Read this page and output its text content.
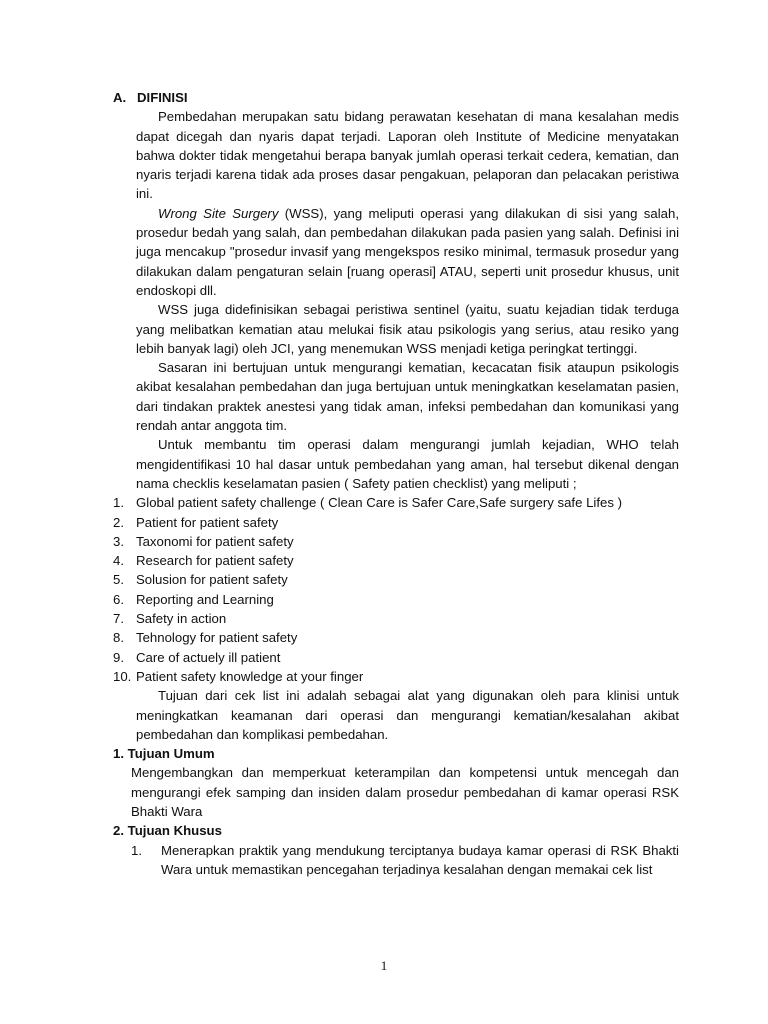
A. DIFINISI

Pembedahan merupakan satu bidang perawatan kesehatan di mana kesalahan medis dapat dicegah dan nyaris dapat terjadi. Laporan oleh Institute of Medicine menyatakan bahwa dokter tidak mengetahui berapa banyak jumlah operasi terkait cedera, kematian, dan nyaris terjadi karena tidak ada proses dasar pengakuan, pelaporan dan pelacakan peristiwa ini.

Wrong Site Surgery (WSS), yang meliputi operasi yang dilakukan di sisi yang salah, prosedur bedah yang salah, dan pembedahan dilakukan pada pasien yang salah. Definisi ini juga mencakup "prosedur invasif yang mengekspos resiko minimal, termasuk prosedur yang dilakukan dalam pengaturan selain [ruang operasi] ATAU, seperti unit prosedur khusus, unit endoskopi dll.

WSS juga didefinisikan sebagai peristiwa sentinel (yaitu, suatu kejadian tidak terduga yang melibatkan kematian atau melukai fisik atau psikologis yang serius, atau resiko yang lebih banyak lagi) oleh JCI, yang menemukan WSS menjadi ketiga peringkat tertinggi.

Sasaran ini bertujuan untuk mengurangi kematian, kecacatan fisik ataupun psikologis akibat kesalahan pembedahan dan juga bertujuan untuk meningkatkan keselamatan pasien, dari tindakan praktek anestesi yang tidak aman, infeksi pembedahan dan komunikasi yang rendah antar anggota tim.

Untuk membantu tim operasi dalam mengurangi jumlah kejadian, WHO telah mengidentifikasi 10 hal dasar untuk pembedahan yang aman, hal tersebut dikenal dengan nama checklis keselamatan pasien ( Safety patien checklist) yang meliputi ;

1. Global patient safety challenge ( Clean Care is Safer Care,Safe surgery safe Lifes )
2. Patient for patient safety
3. Taxonomi for patient safety
4. Research for patient safety
5. Solusion for patient safety
6. Reporting and Learning
7. Safety in action
8. Tehnology for patient safety
9. Care of actuely ill patient
10. Patient safety knowledge at your finger

Tujuan dari cek list ini adalah sebagai alat yang digunakan oleh para klinisi untuk meningkatkan keamanan dari operasi dan mengurangi kematian/kesalahan akibat pembedahan dan komplikasi pembedahan.

1. Tujuan Umum

Mengembangkan dan memperkuat keterampilan dan kompetensi untuk mencegah dan mengurangi efek samping dan insiden dalam prosedur pembedahan di kamar operasi RSK Bhakti Wara

2. Tujuan Khusus

1.	Menerapkan praktik yang mendukung terciptanya budaya kamar operasi di RSK Bhakti Wara untuk memastikan pencegahan terjadinya kesalahan dengan memakai cek list
1
